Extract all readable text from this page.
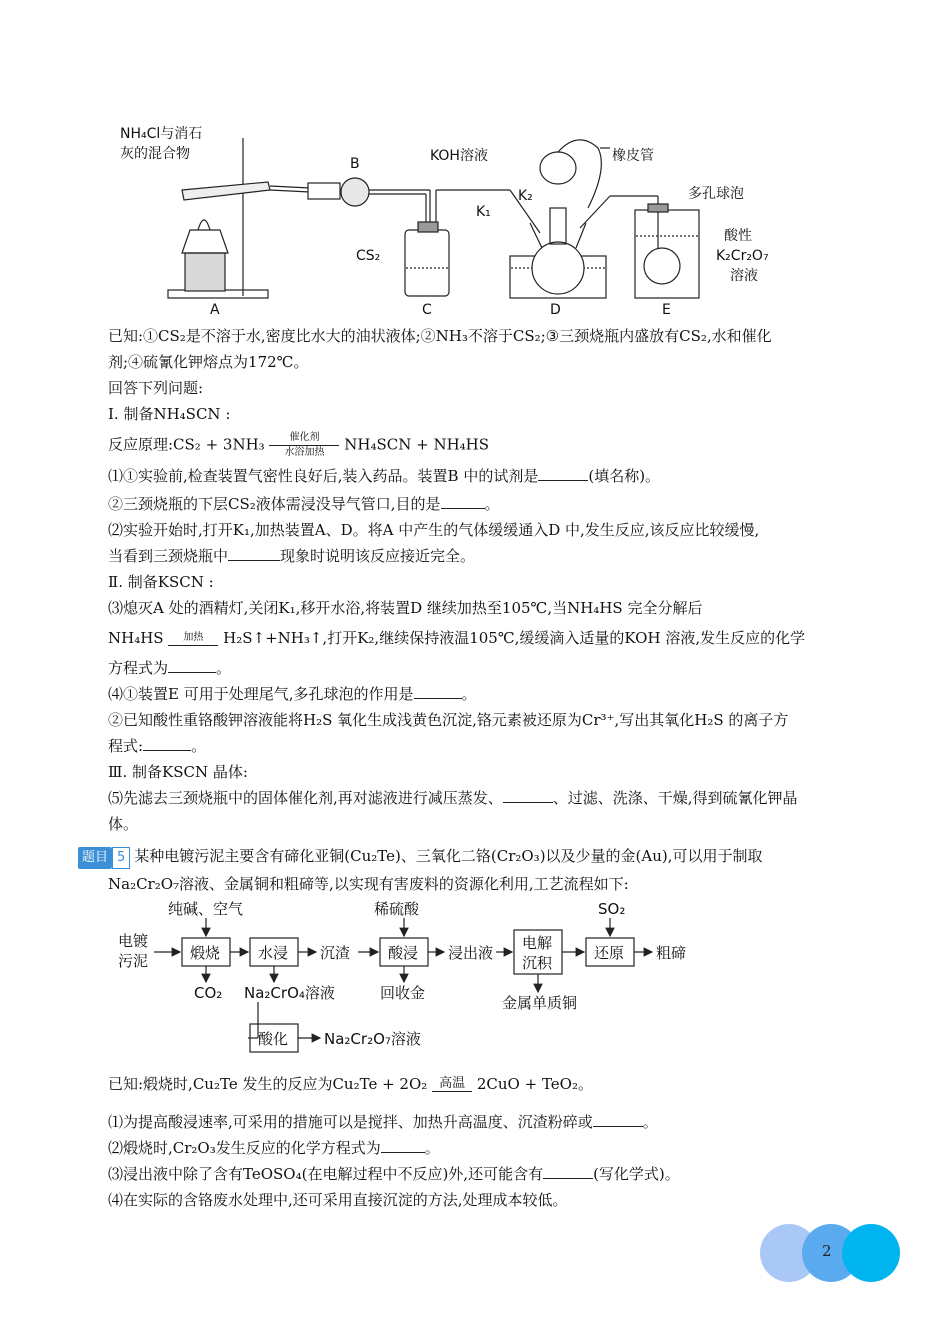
NH₄Cl与消石
灰的混合物
B	KOH溶液	橡皮管
K₂
K₁
多孔球泡
CS₂
酸性
K₂Cr₂O₇
溶液
A	C	D	E
已知:①CS₂是不溶于水,密度比水大的油状液体;②NH₃不溶于CS₂;③三颈烧瓶内盛放有CS₂,水和催化
剂;④硫氰化钾熔点为172℃。
回答下列问题:
Ⅰ. 制备NH₄SCN :
反应原理:CS₂ + 3NH₃	催化剂
水浴加热	NH₄SCN + NH₄HS
⑴①实验前,检查装置气密性良好后,装入药品。装置B 中的试剂是	(填名称)。
②三颈烧瓶的下层CS₂液体需浸没导气管口,目的是	。
⑵实验开始时,打开K₁,加热装置A、D。将A 中产生的气体缓缓通入D 中,发生反应,该反应比较缓慢,
当看到三颈烧瓶中	现象时说明该反应接近完全。
Ⅱ. 制备KSCN :
⑶熄灭A 处的酒精灯,关闭K₁,移开水浴,将装置D 继续加热至105℃,当NH₄HS 完全分解后
NH₄HS	加热	H₂S↑+NH₃↑,打开K₂,继续保持液温105℃,缓缓滴入适量的KOH 溶液,发生反应的化学
方程式为	。
⑷①装置E 可用于处理尾气,多孔球泡的作用是	。
②已知酸性重铬酸钾溶液能将H₂S 氧化生成浅黄色沉淀,铬元素被还原为Cr³⁺,写出其氧化H₂S 的离子方
程式:	。
Ⅲ. 制备KSCN 晶体:
⑸先滤去三颈烧瓶中的固体催化剂,再对滤液进行减压蒸发、	、过滤、洗涤、干燥,得到硫氰化钾晶
体。
题目 5 某种电镀污泥主要含有碲化亚铜(Cu₂Te)、三氧化二铬(Cr₂O₃)以及少量的金(Au),可以用于制取
Na₂Cr₂O₇溶液、金属铜和粗碲等,以实现有害废料的资源化利用,工艺流程如下:
纯碱、空气	稀硫酸	SO₂
电镀
污泥	煅烧	水浸 沉渣	酸浸 浸出液
电解
沉积
还原 粗碲
CO₂ Na₂CrO₄溶液	回收金
金属单质铜
酸化 Na₂Cr₂O₇溶液
已知:煅烧时,Cu₂Te 发生的反应为Cu₂Te + 2O₂ 高温 2CuO + TeO₂。
⑴为提高酸浸速率,可采用的措施可以是搅拌、加热升高温度、沉渣粉碎或	。
⑵煅烧时,Cr₂O₃发生反应的化学方程式为	。
⑶浸出液中除了含有TeOSO₄(在电解过程中不反应)外,还可能含有	(写化学式)。
⑷在实际的含铬废水处理中,还可采用直接沉淀的方法,处理成本较低。
2
